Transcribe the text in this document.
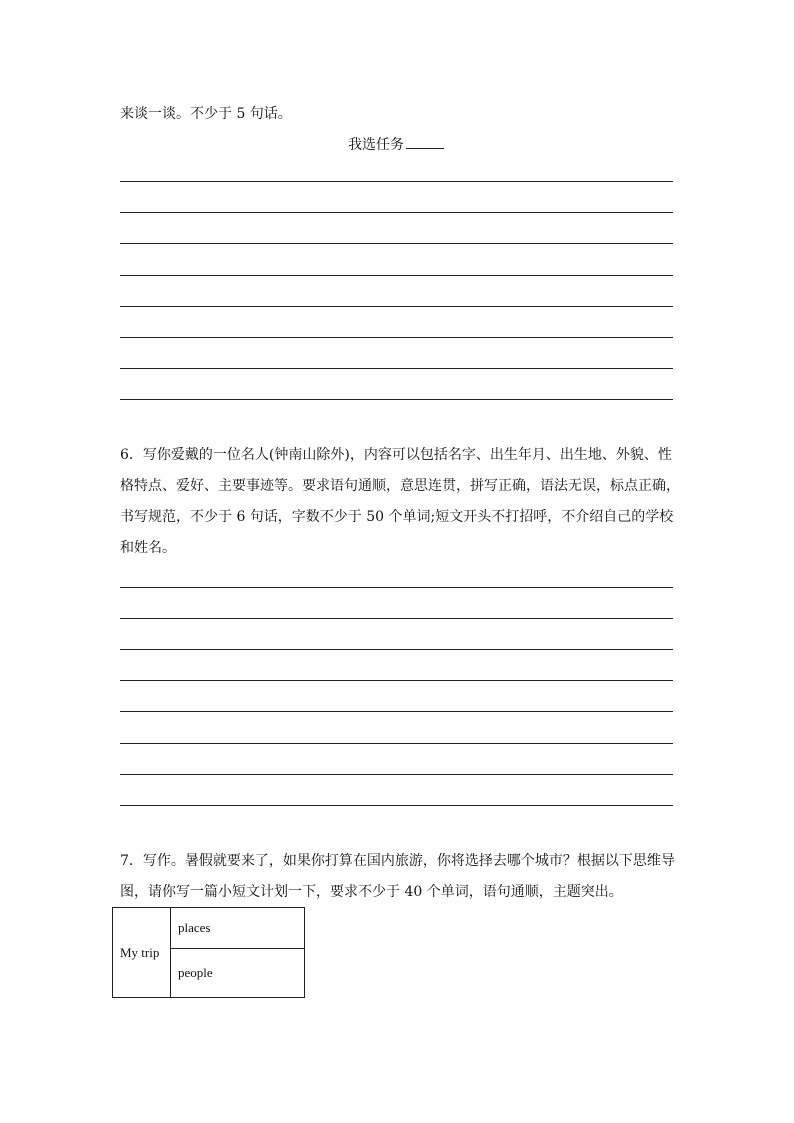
来谈一谈。不少于 5 句话。
我选任务
6．写你爱戴的一位名人(钟南山除外)，内容可以包括名字、出生年月、出生地、外貌、性
格特点、爱好、主要事迹等。要求语句通顺，意思连贯，拼写正确，语法无误，标点正确，
书写规范，不少于 6 句话，字数不少于 50 个单词;短文开头不打招呼，不介绍自己的学校
和姓名。
7．写作。暑假就要来了，如果你打算在国内旅游，你将选择去哪个城市？根据以下思维导
图，请你写一篇小短文计划一下，要求不少于 40 个单词，语句通顺，主题突出。
My trip	places
people
